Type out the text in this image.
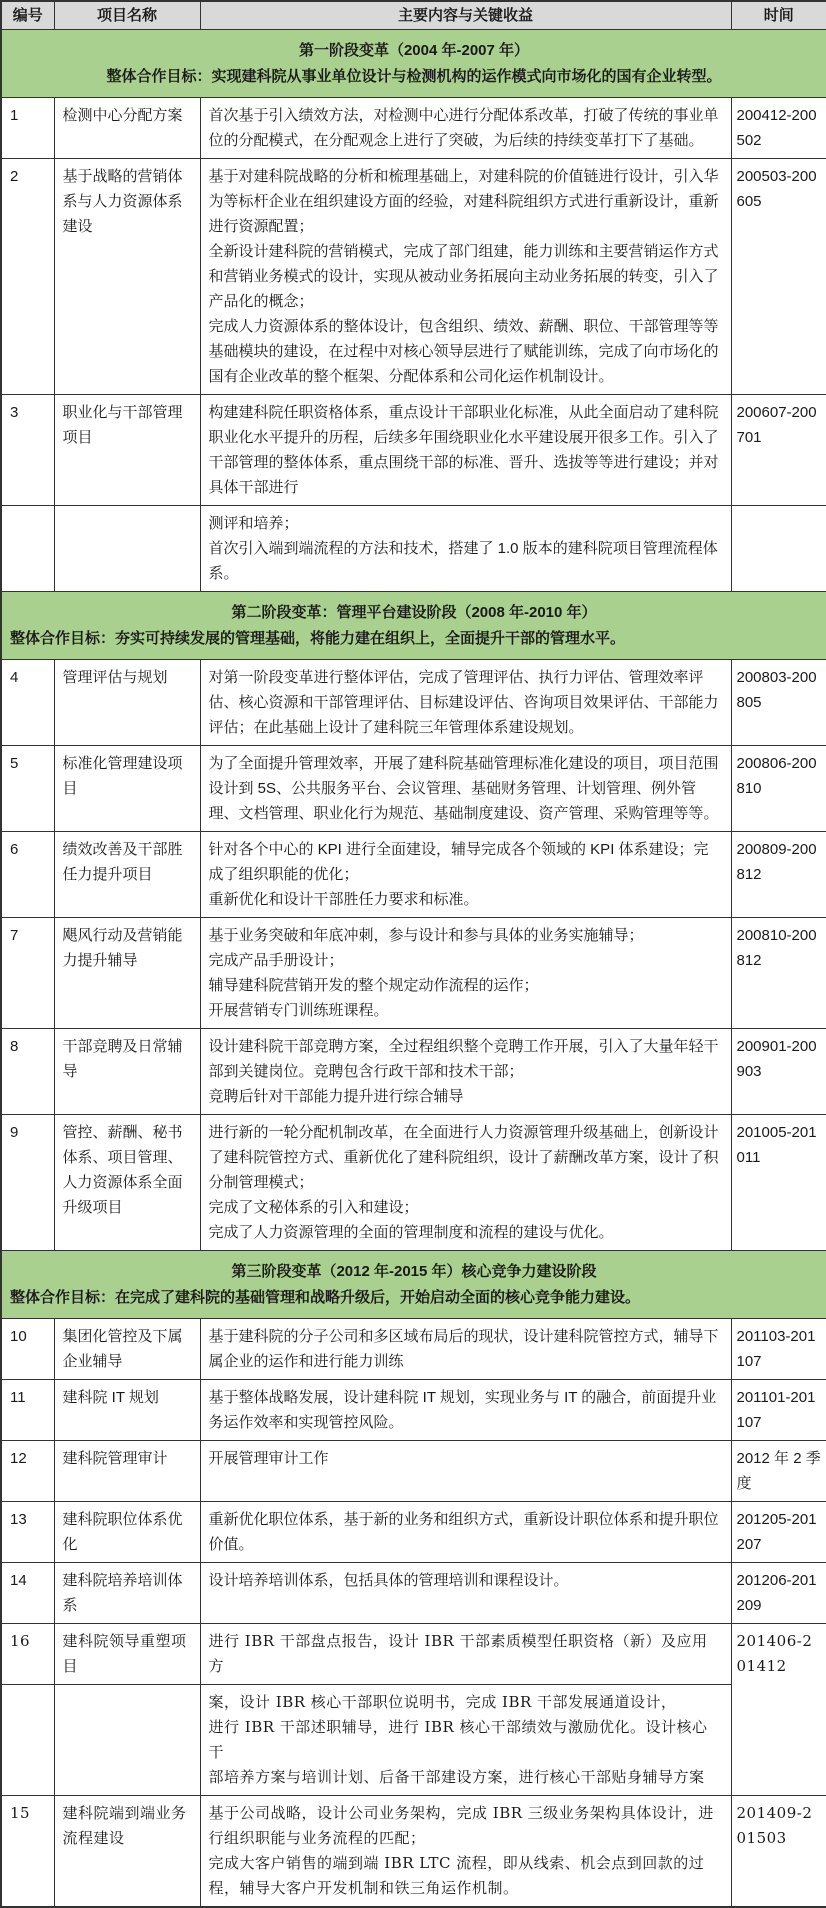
编号	项目名称	主要内容与关键收益	时间

第一阶段变革（2004 年-2007 年）
整体合作目标：实现建科院从事业单位设计与检测机构的运作模式向市场化的国有企业转型。			

1	检测中心分配方案	首次基于引入绩效方法，对检测中心进行分配体系改革，打破了传统的事业单位的分配模式，在分配观念上进行了突破，为后续的持续变革打下了基础。	200412-200502
2	基于战略的营销体系与人力资源体系建设	基于对建科院战略的分析和梳理基础上，对建科院的价值链进行设计，引入华为等标杆企业在组织建设方面的经验，对建科院组织方式进行重新设计，重新进行资源配置；
全新设计建科院的营销模式，完成了部门组建，能力训练和主要营销运作方式和营销业务模式的设计，实现从被动业务拓展向主动业务拓展的转变，引入了产品化的概念；
完成人力资源体系的整体设计，包含组织、绩效、薪酬、职位、干部管理等等基础模块的建设，在过程中对核心领导层进行了赋能训练，完成了向市场化的国有企业改革的整个框架、分配体系和公司化运作机制设计。	200503-200605
3	职业化与干部管理项目	构建建科院任职资格体系，重点设计干部职业化标准，从此全面启动了建科院职业化水平提升的历程，后续多年围绕职业化水平建设展开很多工作。引入了干部管理的整体体系，重点围绕干部的标准、晋升、选拔等等进行建设；并对具体干部进行	200607-200701

		测评和培养；
首次引入端到端流程的方法和技术，搭建了 1.0 版本的建科院项目管理流程体系。	

第二阶段变革：管理平台建设阶段（2008 年-2010 年）
整体合作目标：夯实可持续发展的管理基础，将能力建在组织上，全面提升干部的管理水平。			

4	管理评估与规划	对第一阶段变革进行整体评估，完成了管理评估、执行力评估、管理效率评估、核心资源和干部管理评估、目标建设评估、咨询项目效果评估、干部能力评估；在此基础上设计了建科院三年管理体系建设规划。	200803-200805
5	标准化管理建设项目	为了全面提升管理效率，开展了建科院基础管理标准化建设的项目，项目范围设计到 5S、公共服务平台、会议管理、基础财务管理、计划管理、例外管理、文档管理、职业化行为规范、基础制度建设、资产管理、采购管理等等。	200806-200810
6	绩效改善及干部胜任力提升项目	针对各个中心的 KPI 进行全面建设，辅导完成各个领域的 KPI 体系建设；完成了组织职能的优化；
重新优化和设计干部胜任力要求和标准。	200809-200812
7	飓风行动及营销能力提升辅导	基于业务突破和年底冲刺，参与设计和参与具体的业务实施辅导；
完成产品手册设计；
辅导建科院营销开发的整个规定动作流程的运作；
开展营销专门训练班课程。	200810-200812
8	干部竞聘及日常辅导	设计建科院干部竞聘方案，全过程组织整个竞聘工作开展，引入了大量年轻干部到关键岗位。竞聘包含行政干部和技术干部；
竞聘后针对干部能力提升进行综合辅导	200901-200903
9	管控、薪酬、秘书体系、项目管理、人力资源体系全面升级项目	进行新的一轮分配机制改革，在全面进行人力资源管理升级基础上，创新设计了建科院管控方式、重新优化了建科院组织，设计了薪酬改革方案，设计了积分制管理模式；
完成了文秘体系的引入和建设；
完成了人力资源管理的全面的管理制度和流程的建设与优化。	201005-201011

第三阶段变革（2012 年-2015 年）核心竞争力建设阶段
整体合作目标：在完成了建科院的基础管理和战略升级后，开始启动全面的核心竞争能力建设。			

10	集团化管控及下属企业辅导	基于建科院的分子公司和多区域布局后的现状，设计建科院管控方式，辅导下属企业的运作和进行能力训练	201103-201107
11	建科院 IT 规划	基于整体战略发展，设计建科院 IT 规划，实现业务与 IT 的融合，前面提升业务运作效率和实现管控风险。	201101-201107
12	建科院管理审计	开展管理审计工作	2012 年 2 季度
13	建科院职位体系优化	重新优化职位体系，基于新的业务和组织方式，重新设计职位体系和提升职位价值。	201205-201207
14	建科院培养培训体系	设计培养培训体系，包括具体的管理培训和课程设计。	201206-201209
16	建科院领导重塑项目	进行 IBR 干部盘点报告，设计 IBR 干部素质模型任职资格（新）及应用方	201406-201412

		案，设计 IBR 核心干部职位说明书，完成 IBR 干部发展通道设计，
进行 IBR 干部述职辅导，进行 IBR 核心干部绩效与激励优化。设计核心干
部培养方案与培训计划、后备干部建设方案，进行核心干部贴身辅导方案	

15	建科院端到端业务流程建设	基于公司战略，设计公司业务架构，完成 IBR 三级业务架构具体设计，进行组织职能与业务流程的匹配；
完成大客户销售的端到端 IBR LTC 流程，即从线索、机会点到回款的过程，辅导大客户开发机制和铁三角运作机制。	201409-201503
